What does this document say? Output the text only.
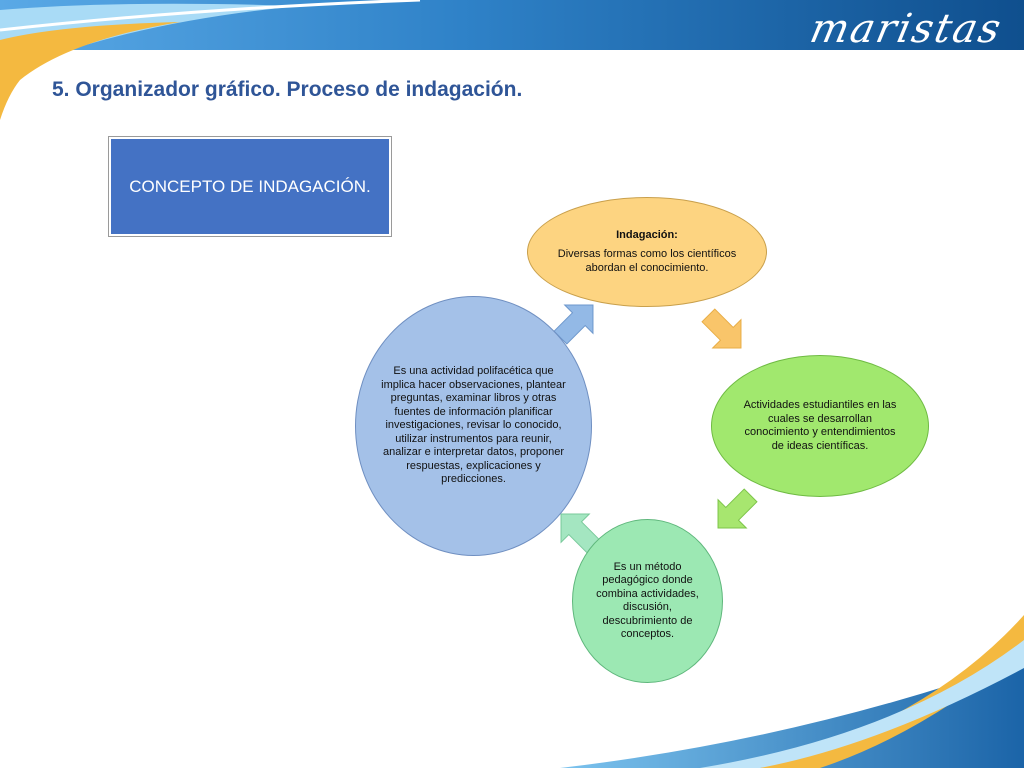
maristas
5. Organizador gráfico. Proceso de indagación.
CONCEPTO DE INDAGACIÓN.
Indagación:
Diversas formas como los científicos abordan el conocimiento.
Actividades estudiantiles en las cuales se desarrollan conocimiento y entendimientos de ideas científicas.
Es un método pedagógico donde combina actividades, discusión, descubrimiento de conceptos.
Es una actividad polifacética que implica hacer observaciones, plantear preguntas, examinar libros y otras fuentes de información planificar investigaciones, revisar lo conocido, utilizar instrumentos para reunir, analizar e interpretar datos, proponer respuestas, explicaciones y predicciones.
